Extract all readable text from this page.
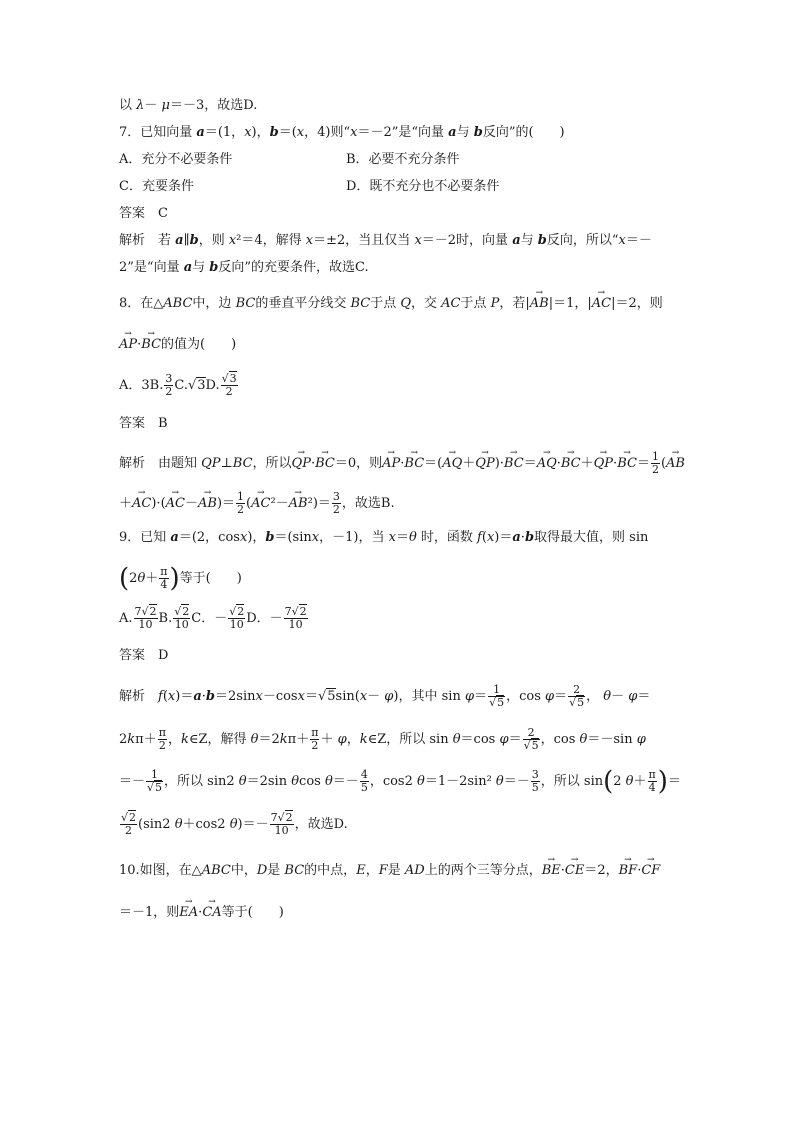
以 λ－ μ＝－3，故选D.
7．已知向量 a＝(1，x)，b＝(x，4)则“x＝－2”是“向量 a与 b反向”的(　　)
A．充分不必要条件	B．必要不充分条件
C．充要条件	D．既不充分也不必要条件
答案　C
解析　若 a∥b，则 x²＝4，解得 x＝±2，当且仅当 x＝－2时，向量 a与 b反向，所以“x＝－
2”是“向量 a与 b反向”的充要条件，故选C.
8．在△ABC中，边 BC的垂直平分线交 BC于点 Q，交 AC于点 P，若|→ AB|＝1，|→ AC|＝2，则
→ AP·→ BC的值为(　　)
A．3B. $\frac{3}{2} C.√3D$. $\frac{√3}{2}$
答案　B
解析　由题知 QP⊥BC，所以→ QP·→ BC＝0，则→ $AP\cdot\to BC=(\to AQ+\to QP)\cdot\to BC=\to AQ\cdot\to BC+\to QP\cdot\to BC= \frac{1}{2}$ (→ AB
＋→ $AC)\cdot(\to AC-\to AB)= \frac{1}{2}$ (→ $AC^2-\to AB^2)= \frac{3}{2}$ ，故选B.
9．已知 a＝(2，cosx)，b＝(sinx，－1)，当 x＝θ 时，函数 f(x)＝a·b取得最大值，则 sin
($2\theta+ \frac{\pi}{4}$ )等于(　　)
A. $\frac{7√2}{10} B$. $\frac{√2}{10}$ C．－ $\frac{√2}{10}$ D．－ $\frac{7√2}{10}$
答案　D
解析　f(x)＝a·b＝2sinx－cosx＝√5sin(x－ φ)，其中 $\sin \varphi= \frac{1}{√5}$ ，$\cos \varphi= \frac{2}{√5}$ ， θ－ φ＝
$2k\pi+ \frac{\pi}{2}$ ，k∈Z，解得 $\theta=2k\pi+ \frac{\pi}{2} + \varphi$，k∈Z，所以 sin θ＝cos $\varphi= \frac{2}{√5}$ ，cos θ＝－sin φ
＝－ $\frac{1}{√5}$ ，所以 sin2 θ＝2sin θcos $\theta=- \frac{4}{5}$ ，cos2 θ＝1－2sin² $\theta=- \frac{3}{5}$ ，所以 sin(2 $\theta+ \frac{\pi}{4}$ )＝
$\frac{√2}{2} (\sin 2$ θ＋cos2 $\theta)=- \frac{7√2}{10}$ ，故选D.
10.如图，在△ABC中，D是 BC的中点，E，F是 AD上的两个三等分点，→ BE·→ CE＝2，→ BF·→ CF
＝－1，则→ EA·→ CA等于(　　)
